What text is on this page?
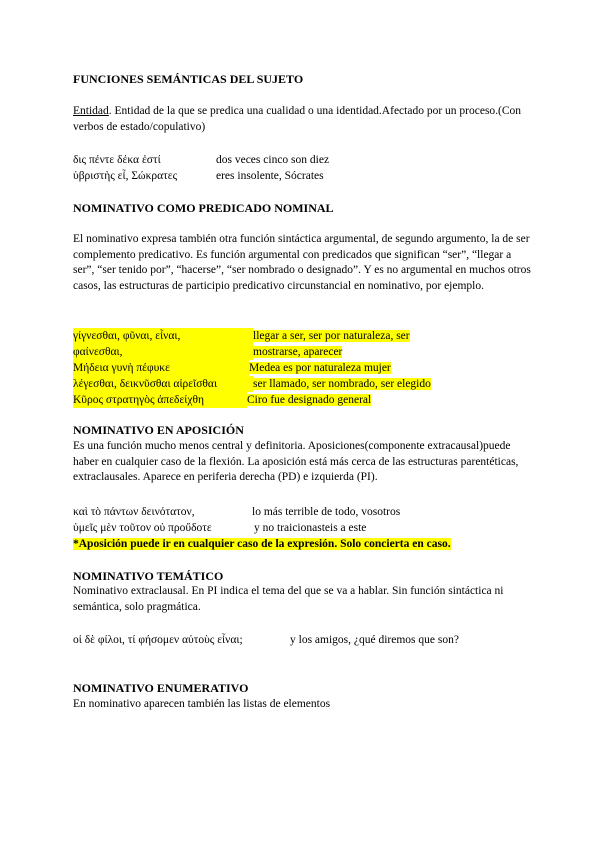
FUNCIONES SEMÁNTICAS DEL SUJETO
Entidad. Entidad de la que se predica una cualidad o una identidad.Afectado por un proceso.(Con verbos de estado/copulativo)
δις πέντε δέκα ἐστί	dos veces cinco son diez
ὑβριστὴς εἶ, Σώκρατες	eres insolente, Sócrates
NOMINATIVO COMO PREDICADO NOMINAL
El nominativo expresa también otra función sintáctica argumental, de segundo argumento, la de ser complemento predicativo. Es función argumental con predicados que significan “ser”, “llegar a ser”, “ser tenido por”, “hacerse”, “ser nombrado o designado”. Y es no argumental en muchos otros casos, las estructuras de participio predicativo circunstancial en nominativo, por ejemplo.
γίγνεσθαι, φῦναι, εἶναι,	llegar a ser, ser por naturaleza, ser
φαίνεσθαι,	mostrarse, aparecer
Μήδεια γυνὴ πέφυκε	Medea es por naturaleza mujer
λέγεσθαι, δεικνῦσθαι αἱρεῖσθαι	ser llamado, ser nombrado, ser elegido
Κῦρος στρατηγὸς ἀπεδείχθη	Ciro fue designado general
NOMINATIVO EN APOSICIÓN
Es una función mucho menos central y definitoria. Aposiciones(componente extracausal)puede haber en cualquier caso de la flexión. La aposición está más cerca de las estructuras parentéticas, extraclausales. Aparece en periferia derecha (PD) e izquierda (PI).
καὶ τὸ πάντων δεινότατον,	lo más terrible de todo, vosotros
ὑμεῖς μὲν τοῦτον οὐ προὔδοτε	y no traicionasteis a este
*Aposición puede ir en cualquier caso de la expresión. Solo concierta en caso.
NOMINATIVO TEMÁTICO
Nominativo extraclausal. En PI indica el tema del que se va a hablar. Sin función sintáctica ni semántica, solo pragmática.
οἱ δὲ φίλοι, τί φήσομεν αὐτοὺς εἶναι;	y los amigos, ¿qué diremos que son?
NOMINATIVO ENUMERATIVO
En nominativo aparecen también las listas de elementos
